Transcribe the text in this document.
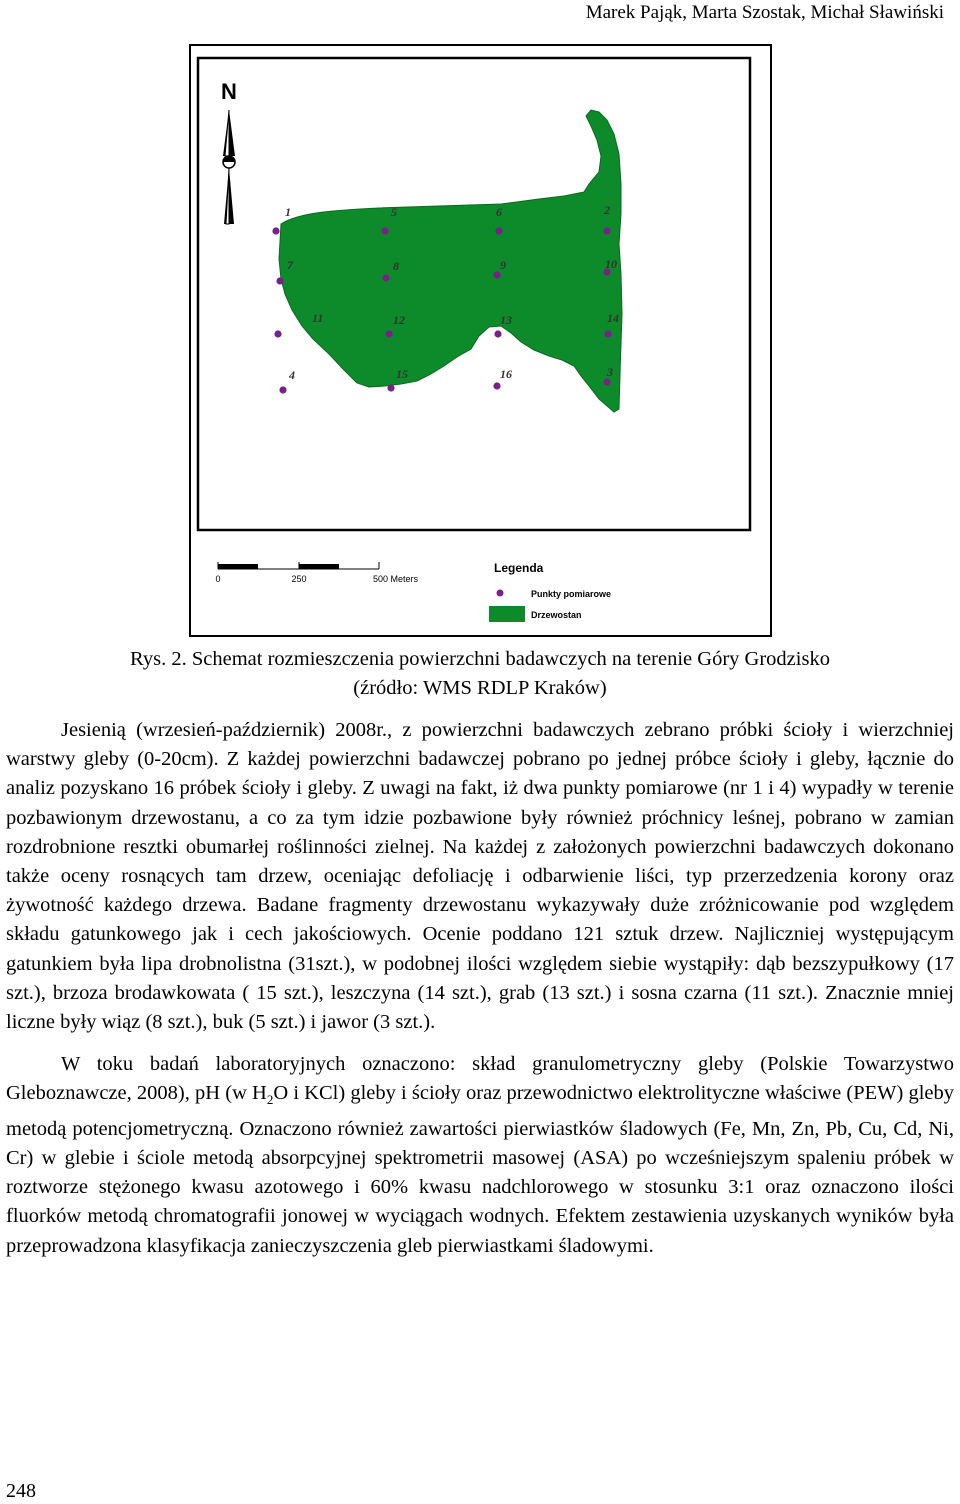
Marek Pająk, Marta Szostak, Michał Sławiński
N
1	5	6	2
7	8	9	10
11	12	13	14
4	15	16	3
0	250	500 Meters
Legenda
Punkty pomiarowe
Drzewostan
Rys. 2. Schemat rozmieszczenia powierzchni badawczych na terenie Góry Grodzisko
(źródło: WMS RDLP Kraków)

Jesienią (wrzesień-październik) 2008r., z powierzchni badawczych zebrano próbki ścioły i wierzchniej warstwy gleby (0-20cm). Z każdej powierzchni badawczej pobrano po jednej próbce ścioły i gleby, łącznie do analiz pozyskano 16 próbek ścioły i gleby. Z uwagi na fakt, iż dwa punkty pomiarowe (nr 1 i 4) wypadły w terenie pozbawionym drzewostanu, a co za tym idzie pozbawione były również próchnicy leśnej, pobrano w zamian rozdrobnione resztki obumarłej roślinności zielnej. Na każdej z założonych powierzchni badawczych dokonano także oceny rosnących tam drzew, oceniając defoliację i odbarwienie liści, typ przerzedzenia korony oraz żywotność każdego drzewa. Badane fragmenty drzewostanu wykazywały duże zróżnicowanie pod względem składu gatunkowego jak i cech jakościowych. Ocenie poddano 121 sztuk drzew. Najliczniej występującym gatunkiem była lipa drobnolistna (31szt.), w podobnej ilości względem siebie wystąpiły: dąb bezszypułkowy (17 szt.), brzoza brodawkowata ( 15 szt.), leszczyna (14 szt.), grab (13 szt.) i sosna czarna (11 szt.). Znacznie mniej liczne były wiąz (8 szt.), buk (5 szt.) i jawor (3 szt.).

W toku badań laboratoryjnych oznaczono: skład granulometryczny gleby (Polskie Towarzystwo Gleboznawcze, 2008), pH (w $H_2O$ i KCl) gleby i ścioły oraz przewodnictwo elektrolityczne właściwe (PEW) gleby metodą potencjometryczną. Oznaczono również zawartości pierwiastków śladowych (Fe, Mn, Zn, Pb, Cu, Cd, Ni, Cr) w glebie i ściole metodą absorpcyjnej spektrometrii masowej (ASA) po wcześniejszym spaleniu próbek w roztworze stężonego kwasu azotowego i 60% kwasu nadchlorowego w stosunku 3:1 oraz oznaczono ilości fluorków metodą chromatografii jonowej w wyciągach wodnych. Efektem zestawienia uzyskanych wyników była przeprowadzona klasyfikacja zanieczyszczenia gleb pierwiastkami śladowymi.

248
